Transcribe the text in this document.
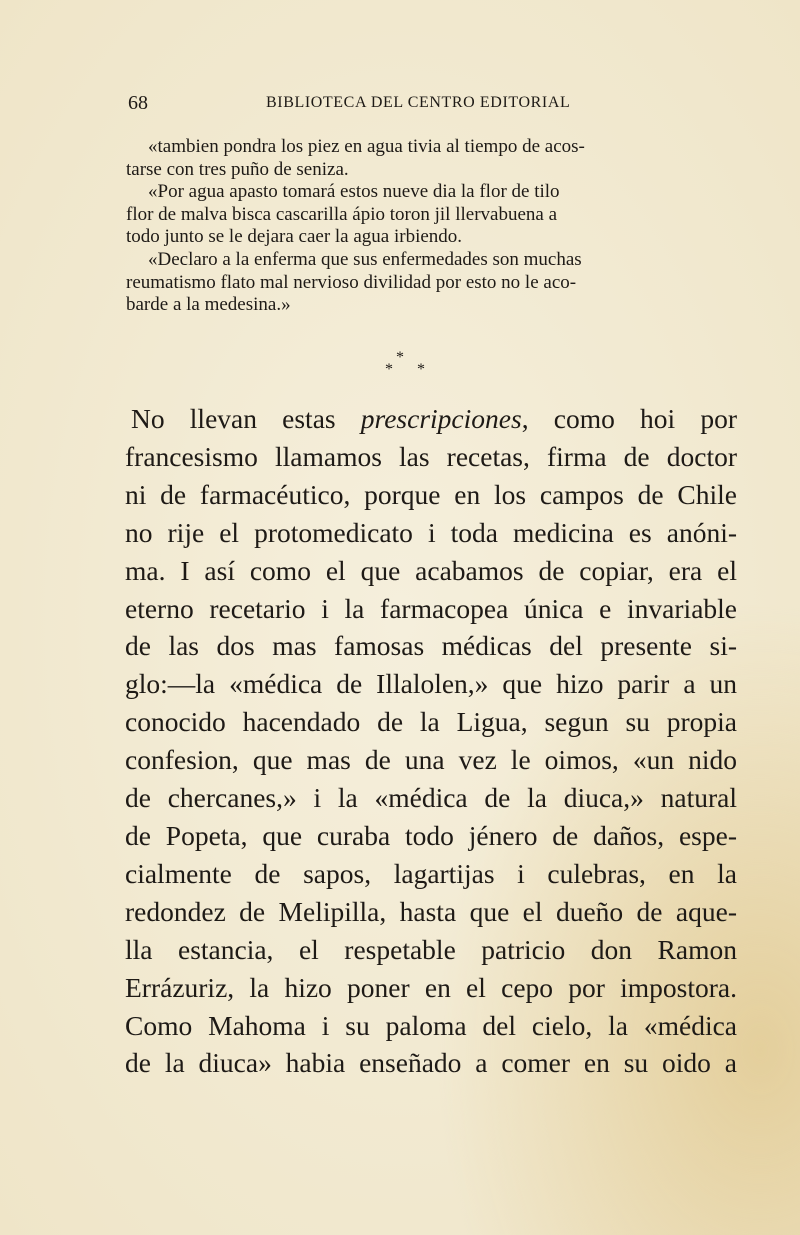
68	BIBLIOTECA DEL CENTRO EDITORIAL

«tambien pondra los piez en agua tivia al tiempo de acos-
tarse con tres puño de seniza.

«Por agua apasto tomará estos nueve dia la flor de tilo
flor de malva bisca cascarilla ápio toron jil llervabuena a
todo junto se le dejara caer la agua irbiendo.

«Declaro a la enferma que sus enfermedades son muchas
reumatismo flato mal nervioso divilidad por esto no le aco-
barde a la medesina.»

*
* *
No llevan estas prescripciones, como hoi por
francesismo llamamos las recetas, firma de doctor
ni de farmacéutico, porque en los campos de Chile
no rije el protomedicato i toda medicina es anóni-
ma. I así como el que acabamos de copiar, era el
eterno recetario i la farmacopea única e invariable
de las dos mas famosas médicas del presente si-
glo:—la «médica de Illalolen,» que hizo parir a un
conocido hacendado de la Ligua, segun su propia
confesion, que mas de una vez le oimos, «un nido
de chercanes,» i la «médica de la diuca,» natural
de Popeta, que curaba todo jénero de daños, espe-
cialmente de sapos, lagartijas i culebras, en la
redondez de Melipilla, hasta que el dueño de aque-
lla estancia, el respetable patricio don Ramon
Errázuriz, la hizo poner en el cepo por impostora.
Como Mahoma i su paloma del cielo, la «médica
de la diuca» habia enseñado a comer en su oido a
